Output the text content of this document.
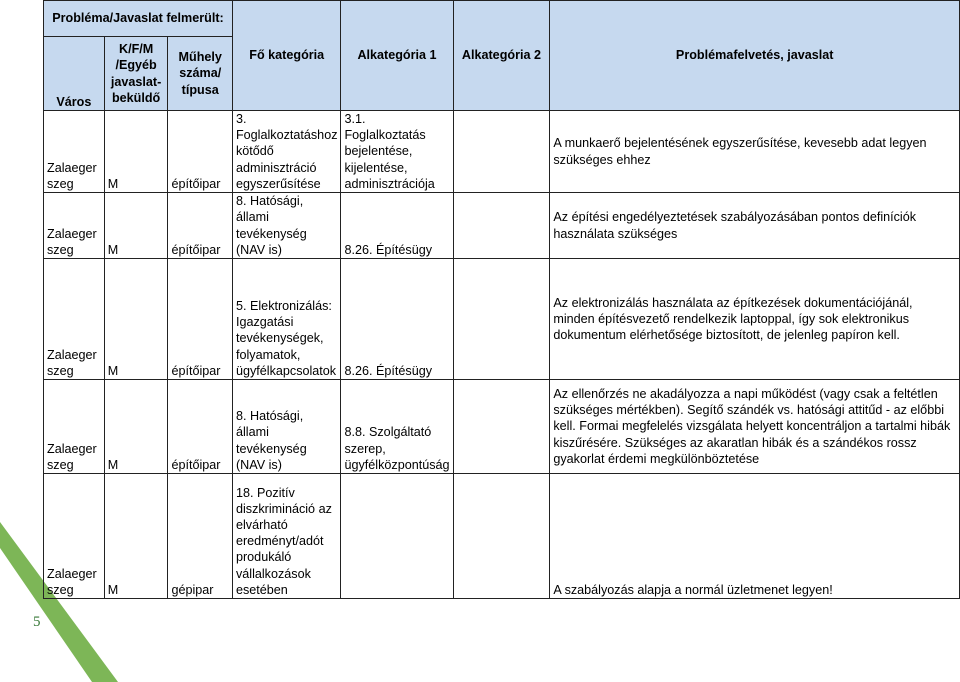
Probléma/Javaslat felmerült:			Fő kategória	Alkategória 1	Alkategória 2	Problémafelvetés, javaslat
Város	K/F/M /Egyéb javaslat-beküldő	Műhely száma/ típusa				
Zalaeger szeg	M	építőipar	3. Foglalkoztatáshoz kötődő adminisztráció egyszerűsítése	3.1. Foglalkoztatás bejelentése, kijelentése, adminisztrációja		A munkaerő bejelentésének egyszerűsítése, kevesebb adat legyen szükséges ehhez
Zalaeger szeg	M	építőipar	8. Hatósági, állami tevékenység (NAV is)	8.26. Építésügy		Az építési engedélyeztetések szabályozásában pontos definíciók használata szükséges
Zalaeger szeg	M	építőipar	5. Elektronizálás: Igazgatási tevékenységek, folyamatok, ügyfélkapcsolatok	8.26. Építésügy		Az elektronizálás használata az építkezések dokumentációjánál, minden építésvezető rendelkezik laptoppal, így sok elektronikus dokumentum elérhetősége biztosított, de jelenleg papíron kell.
Zalaeger szeg	M	építőipar	8. Hatósági, állami tevékenység (NAV is)	8.8. Szolgáltató szerep, ügyfélközpontúság		Az ellenőrzés ne akadályozza a napi működést (vagy csak a feltétlen szükséges mértékben). Segítő szándék vs. hatósági attitűd - az előbbi kell. Formai megfelelés vizsgálata helyett koncentráljon a tartalmi hibák kiszűrésére. Szükséges az akaratlan hibák és a szándékos rossz gyakorlat érdemi megkülönböztetése
Zalaeger szeg	M	gépipar	18. Pozitív diszkrimináció az elvárható eredményt/adót produkáló vállalkozások esetében			A szabályozás alapja a normál üzletmenet legyen!
5
